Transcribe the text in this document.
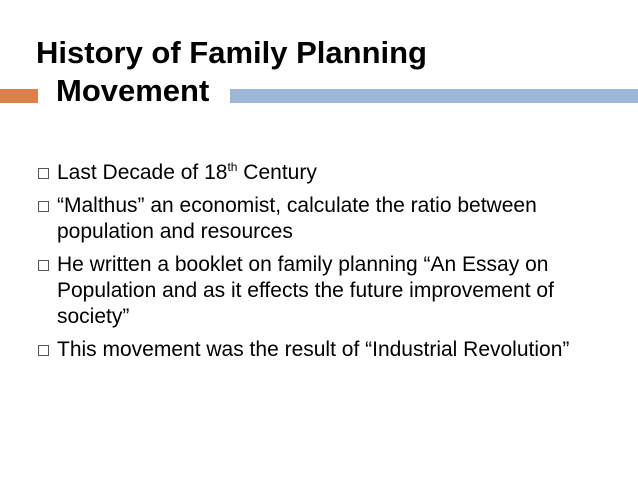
History of Family Planning
Movement
Last Decade of 18th Century
“Malthus” an economist, calculate the ratio between population and resources
He written a booklet on family planning “An Essay on Population and as it effects the future improvement of society”
This movement was the result of “Industrial Revolution”
